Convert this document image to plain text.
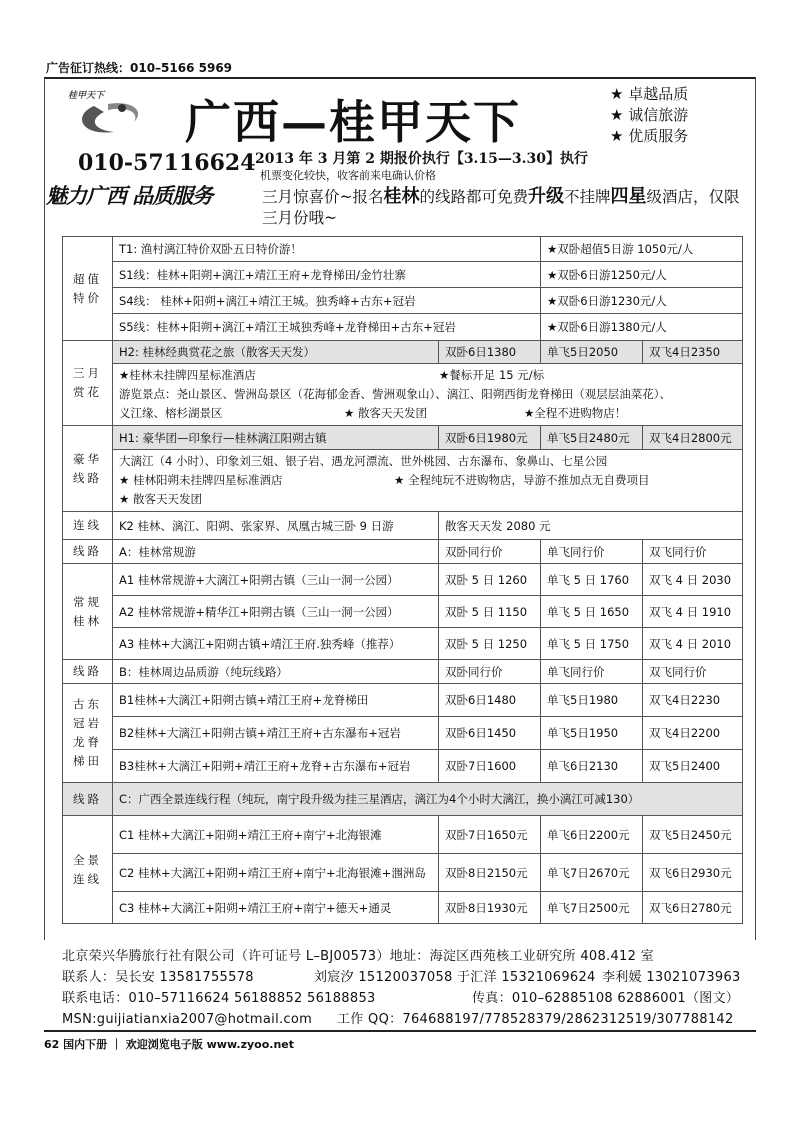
广告征订热线：010–5166 5969
桂甲天下 广西—桂甲天下
★ 卓越品质
★ 诚信旅游
★ 优质服务
010-57116624
魅力广西 品质服务
2013 年 3 月第 2 期报价执行【3.15—3.30】执行
机票变化较快，收客前来电确认价格
三月惊喜价~报名桂林的线路都可免费升级不挂牌四星级酒店，仅限三月份哦~
超值特价	T1: 渔村漓江特价双卧五日特价游！		★双卧超值5日游 1050元/人	
	S1线：桂林+阳朔+漓江+靖江王府+龙脊梯田/金竹壮寨		★双卧6日游1250元/人	
	S4线： 桂林+阳朔+漓江+靖江王城。独秀峰+古东+冠岩		★双卧6日游1230元/人	
	S5线：桂林+阳朔+漓江+靖江王城独秀峰+龙脊梯田+古东+冠岩		★双卧6日游1380元/人	
三月赏花	H2: 桂林经典赏花之旅（散客天天发）	双卧6日1380	单飞5日2050	双飞4日2350

	★桂林未挂牌四星标准酒店 ★餐标开足 15 元/标
游览景点：尧山景区、訾洲岛景区（花海郁金香、訾洲观象山）、漓江、阳朔西街龙脊梯田（观层层油菜花）、
义江缘、榕杉湖景区 ★ 散客天天发团 ★全程不进购物店！			

豪华线路	H1: 豪华团—印象行—桂林漓江阳朔古镇	双卧6日1980元	单飞5日2480元	双飞4日2800元

	大漓江（4 小时）、印象刘三姐、银子岩、遇龙河漂流、世外桃园、古东瀑布、象鼻山、七星公园
★ 桂林阳朔未挂牌四星标准酒店 ★ 全程纯玩不进购物店，导游不推加点无自费项目
★ 散客天天发团			

连线	K2 桂林、漓江、阳朔、张家界、凤凰古城三卧 9 日游	散客天天发 2080 元		
线路	A：桂林常规游	双卧同行价	单飞同行价	双飞同行价
常规桂林	A1 桂林常规游+大漓江+阳朔古镇（三山一洞一公园）	双卧 5 日 1260	单飞 5 日 1760	双飞 4 日 2030
	A2 桂林常规游+精华江+阳朔古镇（三山一洞一公园）	双卧 5 日 1150	单飞 5 日 1650	双飞 4 日 1910
	A3 桂林+大漓江+阳朔古镇+靖江王府.独秀峰（推荐）	双卧 5 日 1250	单飞 5 日 1750	双飞 4 日 2010
线路	B：桂林周边品质游（纯玩线路）	双卧同行价	单飞同行价	双飞同行价
古东冠岩龙脊梯田	B1桂林+大漓江+阳朔古镇+靖江王府+龙脊梯田	双卧6日1480	单飞5日1980	双飞4日2230
	B2桂林+大漓江+阳朔古镇+靖江王府+古东瀑布+冠岩	双卧6日1450	单飞5日1950	双飞4日2200
	B3桂林+大漓江+阳朔+靖江王府+龙脊+古东瀑布+冠岩	双卧7日1600	单飞6日2130	双飞5日2400
线路	C：广西全景连线行程（纯玩，南宁段升级为挂三星酒店，漓江为4个小时大漓江，换小漓江可减130）			
全景连线	C1 桂林+大漓江+阳朔+靖江王府+南宁+北海银滩	双卧7日1650元	单飞6日2200元	双飞5日2450元
	C2 桂林+大漓江+阳朔+靖江王府+南宁+北海银滩+涠洲岛	双卧8日2150元	单飞7日2670元	双飞6日2930元
	C3 桂林+大漓江+阳朔+靖江王府+南宁+德天+通灵	双卧8日1930元	单飞7日2500元	双飞6日2780元
北京荣兴华腾旅行社有限公司（许可证号 L–BJ00573）地址：海淀区西苑核工业研究所 408.412 室
联系人：吴长安 13581755578	刘宸汐 15120037058 于汇洋 15321069624 李利媛 13021073963
联系电话：010–57116624 56188852 56188853	传真：010–62885108 62886001（图文）
MSN:guijiatianxia2007@hotmail.com 工作 QQ：764688197/778528379/2862312519/307788142
62 国内下册 ｜ 欢迎浏览电子版 www.zyoo.net
